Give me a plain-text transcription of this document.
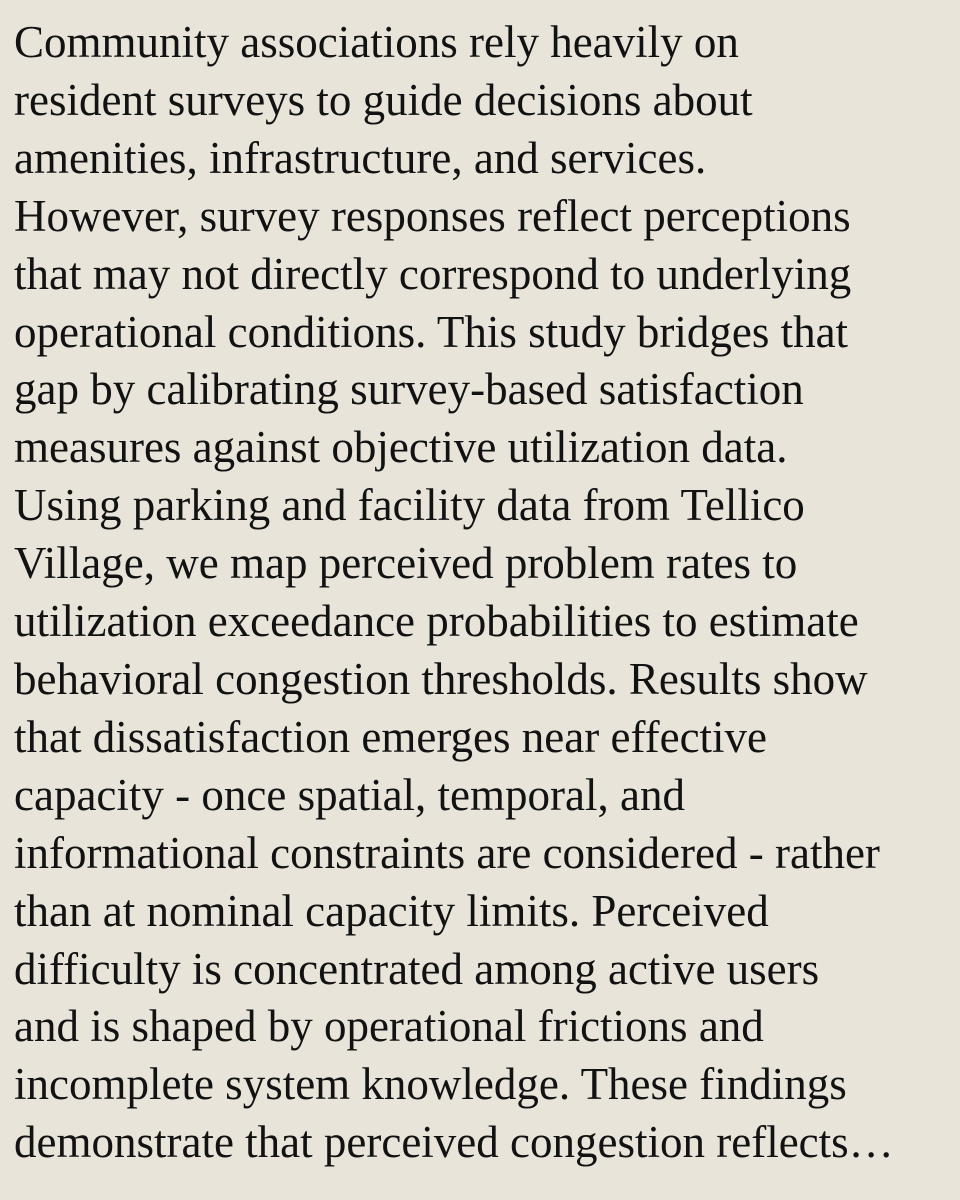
Community associations rely heavily on

resident surveys to guide decisions about

amenities, infrastructure, and services.

However, survey responses reflect perceptions

that may not directly correspond to underlying

operational conditions. This study bridges that

gap by calibrating survey-based satisfaction

measures against objective utilization data.

Using parking and facility data from Tellico

Village, we map perceived problem rates to

utilization exceedance probabilities to estimate

behavioral congestion thresholds. Results show

that dissatisfaction emerges near effective

capacity - once spatial, temporal, and

informational constraints are considered - rather

than at nominal capacity limits. Perceived

difficulty is concentrated among active users

and is shaped by operational frictions and

incomplete system knowledge. These findings

demonstrate that perceived congestion reflects…
